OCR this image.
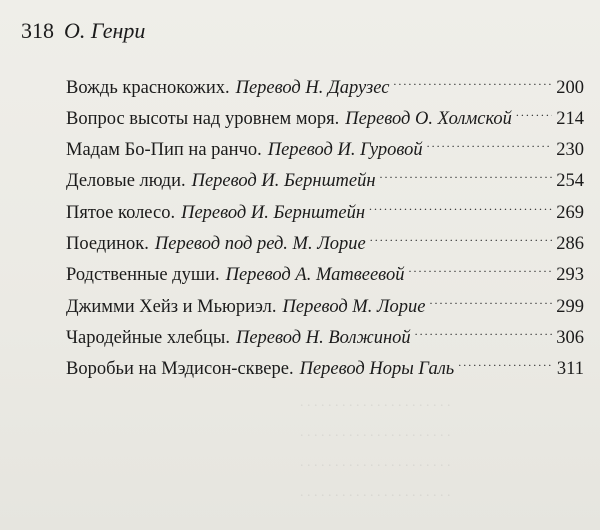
. . . . . . . . . . . . . . . . . . . . . .
. . . . . . . . . . . . . . . . . . . . . .
. . . . . . . . . . . . . . . . . . . . . .
. . . . . . . . . . . . . . . . . . . . . .
318 О. Генри
Вождь краснокожих. Перевод Н. Дарузес . . .	200
Вопрос высоты над уровнем моря. Перевод О. Холмской . . . 214
Мадам Бо-Пип на ранчо. Перевод И. Гуровой . . .	230
Деловые люди. Перевод И. Бернштейн . . .	254
Пятое колесо. Перевод И. Бернштейн . . .	269
Поединок. Перевод под ред. М. Лорие . . .	286
Родственные души. Перевод А. Матвеевой . . .	293
Джимми Хейз и Мьюриэл. Перевод М. Лорие . . .	299
Чародейные хлебцы. Перевод Н. Волжиной . . .	306
Воробьи на Мэдисон-сквере. Перевод Норы Галь . . .	311
